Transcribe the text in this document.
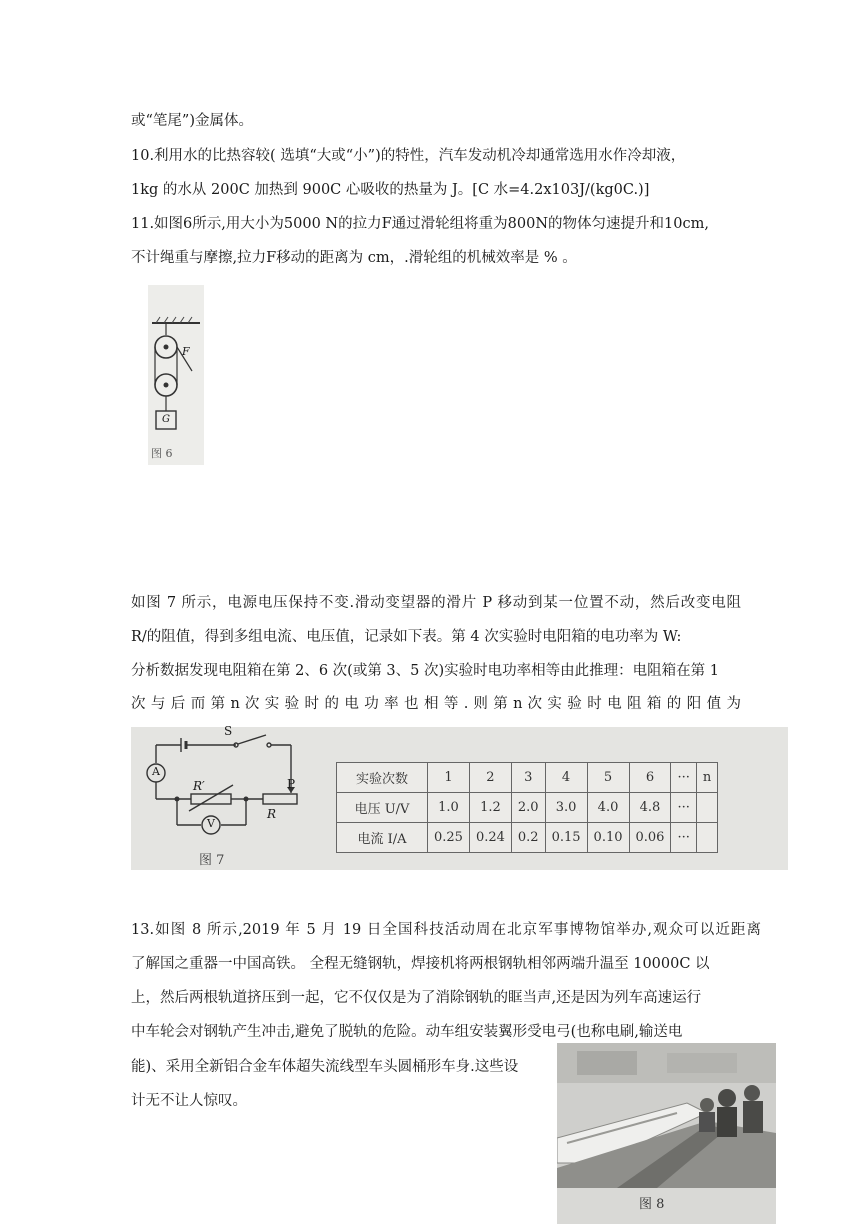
或“笔尾”)金属体。
10.利用水的比热容较( 选填“大或“小”)的特性，汽车发动机冷却通常选用水作冷却液，
1kg 的水从 200C 加热到 900C 心吸收的热量为 J。[C 水=4.2x103J/(kg0C.)]
11.如图6所示,用大小为5000 N的拉力F通过滑轮组将重为800N的物体匀速提升和10cm,
不计绳重与摩擦,拉力F移动的距离为 cm，.滑轮组的机械效率是 % 。
F
G
图 6
如图 7 所示，电源电压保持不变.滑动变望器的滑片 P 移动到某一位置不动，然后改变电阻
R/的阻值，得到多组电流、电压值，记录如下表。第 4 次实验时电阳箱的电功率为 W:
分析数据发现电阻箱在第 2、6 次(或第 3、5 次)实验时电功率相等由此推理：电阻箱在第 1
次 与 后 而 第 n 次 实 验 时 的 电 功 率 也 相 等 . 则 第 n 次 实 验 时 电 阻 箱 的 阳 值 为
S
A
V
R′
R
P	实验次数	1	2	3	4	5	6	···	n
电压 U/V	1.0	1.2	2.0	3.0	4.0	4.8	···	
电流 I/A	0.25	0.24	0.2	0.15	0.10	0.06	···	
图 7
13.如图 8 所示,2019 年 5 月 19 日全国科技活动周在北京军事博物馆举办,观众可以近距离
了解国之重器一中国高铁。 全程无缝钢轨，焊接机将两根钢轨相邻两端升温至 10000C 以
上，然后两根轨道挤压到一起，它不仅仅是为了消除钢轨的眶当声,还是因为列车高速运行
中车轮会对钢轨产生冲击,避免了脱轨的危险。动车组安装翼形受电弓(也称电刷,输送电
能)、采用全新铝合金车体超失流线型车头圆桶形车身.这些设
计无不让人惊叹。
图 8
